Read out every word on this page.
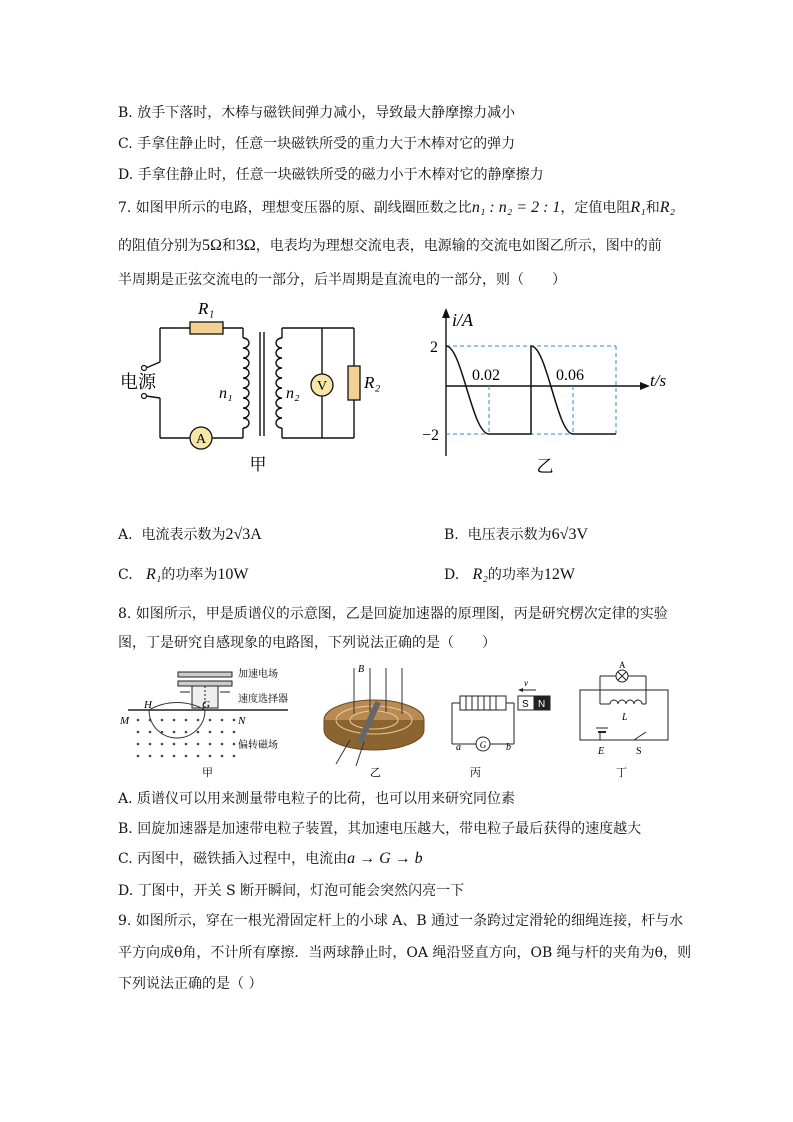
B. 放手下落时，木棒与磁铁间弹力减小，导致最大静摩擦力减小
C. 手拿住静止时，任意一块磁铁所受的重力大于木棒对它的弹力
D. 手拿住静止时，任意一块磁铁所受的磁力小于木棒对它的静摩擦力
7. 如图甲所示的电路，理想变压器的原、副线圈匝数之比n₁ : n₂ = 2 : 1，定值电阻R₁和R₂
的阻值分别为5Ω和3Ω，电表均为理想交流电表，电源输的交流电如图乙所示，图中的前
半周期是正弦交流电的一部分，后半周期是直流电的一部分，则（　　）
A
V
电源
R₁
n₁	n₂
R₂
甲
i/A
t/s
2
−2
0.02	0.06
乙
A. 电流表示数为2√3A	B. 电压表示数为6√3V
C. R₁的功率为10W	D. R₂的功率为12W
8. 如图所示，甲是质谱仪的示意图，乙是回旋加速器的原理图，丙是研究楞次定律的实验
图，丁是研究自感现象的电路图，下列说法正确的是（　　）
加速电场
速度选择器
偏转磁场
M
H	G
N
甲
B
乙
G
v
S N
a	b
丙
A
L
E	S
丁
A. 质谱仪可以用来测量带电粒子的比荷，也可以用来研究同位素
B. 回旋加速器是加速带电粒子装置，其加速电压越大，带电粒子最后获得的速度越大
C. 丙图中，磁铁插入过程中，电流由a → G → b
D. 丁图中，开关 S 断开瞬间，灯泡可能会突然闪亮一下
9. 如图所示，穿在一根光滑固定杆上的小球 A、B 通过一条跨过定滑轮的细绳连接，杆与水
平方向成θ角，不计所有摩擦．当两球静止时，OA 绳沿竖直方向，OB 绳与杆的夹角为θ，则
下列说法正确的是（ ）
